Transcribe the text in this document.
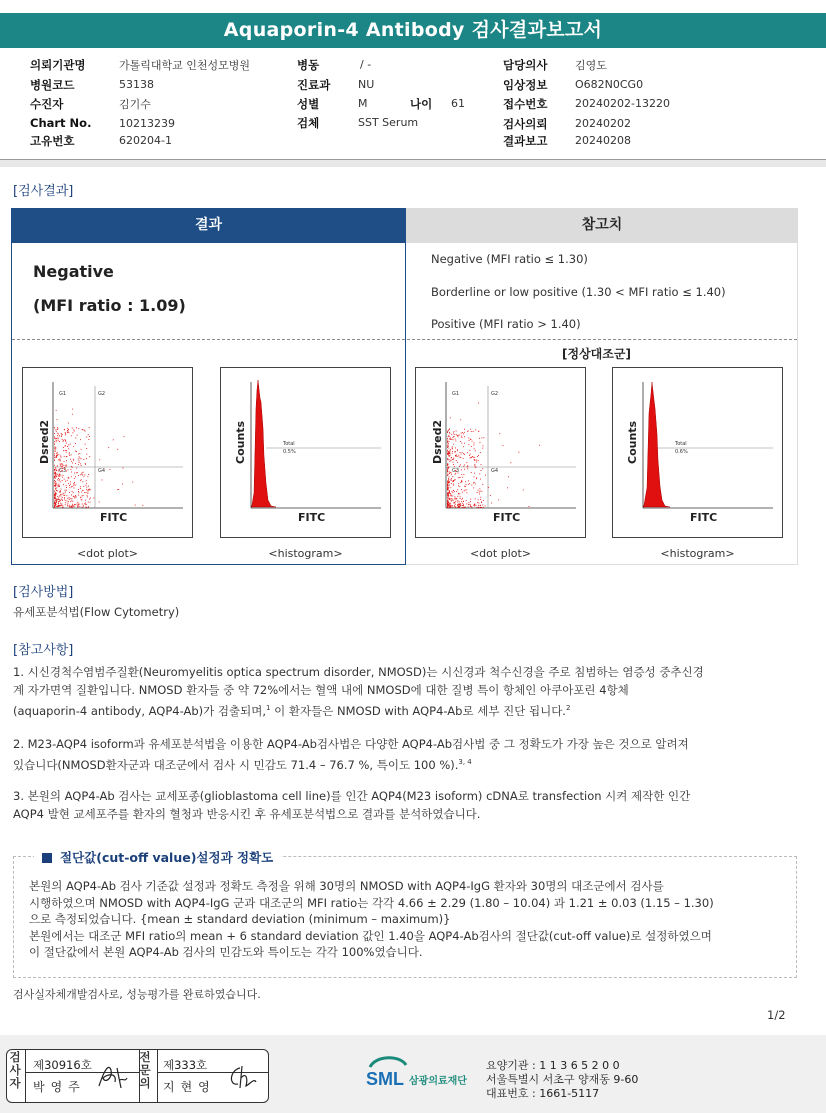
Aquaporin-4 Antibody 검사결과보고서
의뢰기관명	가톨릭대학교 인천성모병원
병원코드	53138
수진자	김기수
Chart No.	10213239
고유번호	620204-1
병동	/ -
진료과	NU
성별	M	나이 61
검체	SST Serum
담당의사	김영도
임상정보	O682N0CG0
접수번호	20240202-13220
검사의뢰	20240202
결과보고	20240208
[검사결과]
결과	참고치
Negative
(MFI ratio : 1.09)
Negative (MFI ratio ≤ 1.30)
Borderline or low positive (1.30 < MFI ratio ≤ 1.40)
Positive (MFI ratio > 1.40)
[정상대조군]
G1	G2
G3	G4
Dsred2
FITC
<dot plot>
Total
0.5%
Counts
FITC
<histogram>
G1	G2
G3	G4
Dsred2
FITC
<dot plot>
Total
0.6%
Counts
FITC
<histogram>
[검사방법]
유세포분석법(Flow Cytometry)
[참고사항]
1. 시신경척수염범주질환(Neuromyelitis optica spectrum disorder, NMOSD)는 시신경과 척수신경을 주로 침범하는 염증성 중추신경
계 자가면역 질환입니다. NMOSD 환자들 중 약 72%에서는 혈액 내에 NMOSD에 대한 질병 특이 항체인 아쿠아포린 4항체
(aquaporin-4 antibody, AQP4-Ab)가 검출되며,$^1$ 이 환자들은 NMOSD with AQP4-Ab로 세부 진단 됩니다.$^2$
2. M23-AQP4 isoform과 유세포분석법을 이용한 AQP4-Ab검사법은 다양한 AQP4-Ab검사법 중 그 정확도가 가장 높은 것으로 알려져
있습니다(NMOSD환자군과 대조군에서 검사 시 민감도 71.4 – 76.7 %, 특이도 100 %).$^{3, 4}$
3. 본원의 AQP4-Ab 검사는 교세포종(glioblastoma cell line)를 인간 AQP4(M23 isoform) cDNA로 transfection 시켜 제작한 인간
AQP4 발현 교세포주를 환자의 혈청과 반응시킨 후 유세포분석법으로 결과를 분석하였습니다.
절단값(cut-off value)설정과 정확도
본원의 AQP4-Ab 검사 기준값 설정과 정확도 측정을 위해 30명의 NMOSD with AQP4-IgG 환자와 30명의 대조군에서 검사를
시행하였으며 NMOSD with AQP4-IgG 군과 대조군의 MFI ratio는 각각 4.66 ± 2.29 (1.80 – 10.04) 과 1.21 ± 0.03 (1.15 – 1.30)
으로 측정되었습니다. {mean ± standard deviation (minimum – maximum)}
본원에서는 대조군 MFI ratio의 mean + 6 standard deviation 값인 1.40을 AQP4-Ab검사의 절단값(cut-off value)로 설정하였으며
이 절단값에서 본원 AQP4-Ab 검사의 민감도와 특이도는 각각 100%였습니다.
검사실자체개발검사로, 성능평가를 완료하였습니다.
1/2
검사자
제30916호
박영주
전문의
제333호
지현영	SML 삼광의료재단
요양기관 : 1 1 3 6 5 2 0 0
서울특별시 서초구 양재동 9-60
대표번호 : 1661-5117
